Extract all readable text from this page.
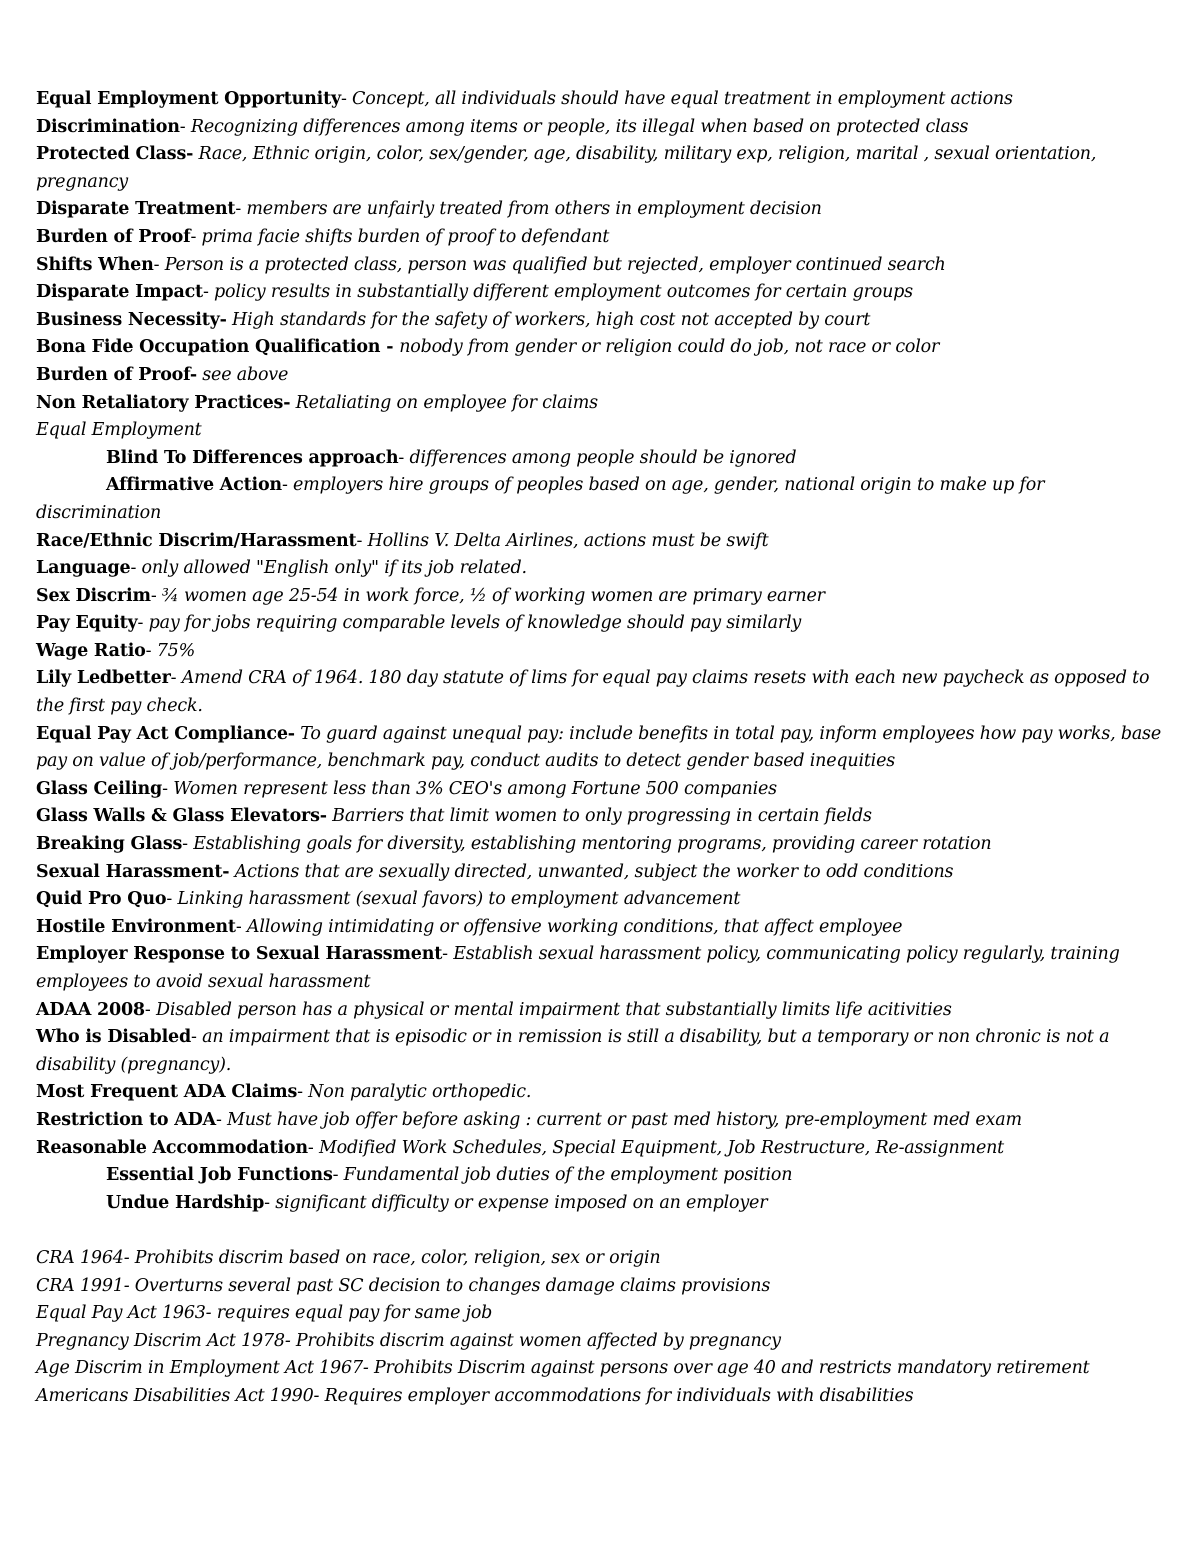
Equal Employment Opportunity- Concept, all individuals should have equal treatment in employment actions
Discrimination- Recognizing differences among items or people, its illegal when based on protected class
Protected Class- Race, Ethnic origin, color, sex/gender, age, disability, military exp, religion, marital , sexual orientation, pregnancy
Disparate Treatment- members are unfairly treated from others in employment decision
Burden of Proof- prima facie shifts burden of proof to defendant
Shifts When- Person is a protected class, person was qualified but rejected, employer continued search
Disparate Impact- policy results in substantially different employment outcomes for certain groups
Business Necessity- High standards for the safety of workers, high cost not accepted by court
Bona Fide Occupation Qualification - nobody from gender or religion could do job, not race or color
Burden of Proof- see above
Non Retaliatory Practices- Retaliating on employee for claims
Equal Employment
Blind To Differences approach- differences among people should be ignored
Affirmative Action- employers hire groups of peoples based on age, gender, national origin to make up for discrimination
Race/Ethnic Discrim/Harassment- Hollins V. Delta Airlines, actions must be swift
Language- only allowed "English only" if its job related.
Sex Discrim- ¾ women age 25-54 in work force, ½ of working women are primary earner
Pay Equity- pay for jobs requiring comparable levels of knowledge should pay similarly
Wage Ratio- 75%
Lily Ledbetter- Amend CRA of 1964. 180 day statute of lims for equal pay claims resets with each new paycheck as opposed to the first pay check.
Equal Pay Act Compliance- To guard against unequal pay: include benefits in total pay, inform employees how pay works, base pay on value of job/performance, benchmark pay, conduct audits to detect gender based inequities
Glass Ceiling- Women represent less than 3% CEO's among Fortune 500 companies
Glass Walls & Glass Elevators- Barriers that limit women to only progressing in certain fields
Breaking Glass- Establishing goals for diversity, establishing mentoring programs, providing career rotation
Sexual Harassment- Actions that are sexually directed, unwanted, subject the worker to odd conditions
Quid Pro Quo- Linking harassment (sexual favors) to employment advancement
Hostile Environment- Allowing intimidating or offensive working conditions, that affect employee
Employer Response to Sexual Harassment- Establish sexual harassment policy, communicating policy regularly, training employees to avoid sexual harassment
ADAA 2008- Disabled person has a physical or mental impairment that substantially limits life acitivities
Who is Disabled- an impairment that is episodic or in remission is still a disability, but a temporary or non chronic is not a disability (pregnancy).
Most Frequent ADA Claims- Non paralytic orthopedic.
Restriction to ADA- Must have job offer before asking : current or past med history, pre-employment med exam
Reasonable Accommodation- Modified Work Schedules, Special Equipment, Job Restructure, Re-assignment
Essential Job Functions- Fundamental job duties of the employment position
Undue Hardship- significant difficulty or expense imposed on an employer
CRA 1964- Prohibits discrim based on race, color, religion, sex or origin
CRA 1991- Overturns several past SC decision to changes damage claims provisions
Equal Pay Act 1963- requires equal pay for same job
Pregnancy Discrim Act 1978- Prohibits discrim against women affected by pregnancy
Age Discrim in Employment Act 1967- Prohibits Discrim against persons over age 40 and restricts mandatory retirement
Americans Disabilities Act 1990- Requires employer accommodations for individuals with disabilities
